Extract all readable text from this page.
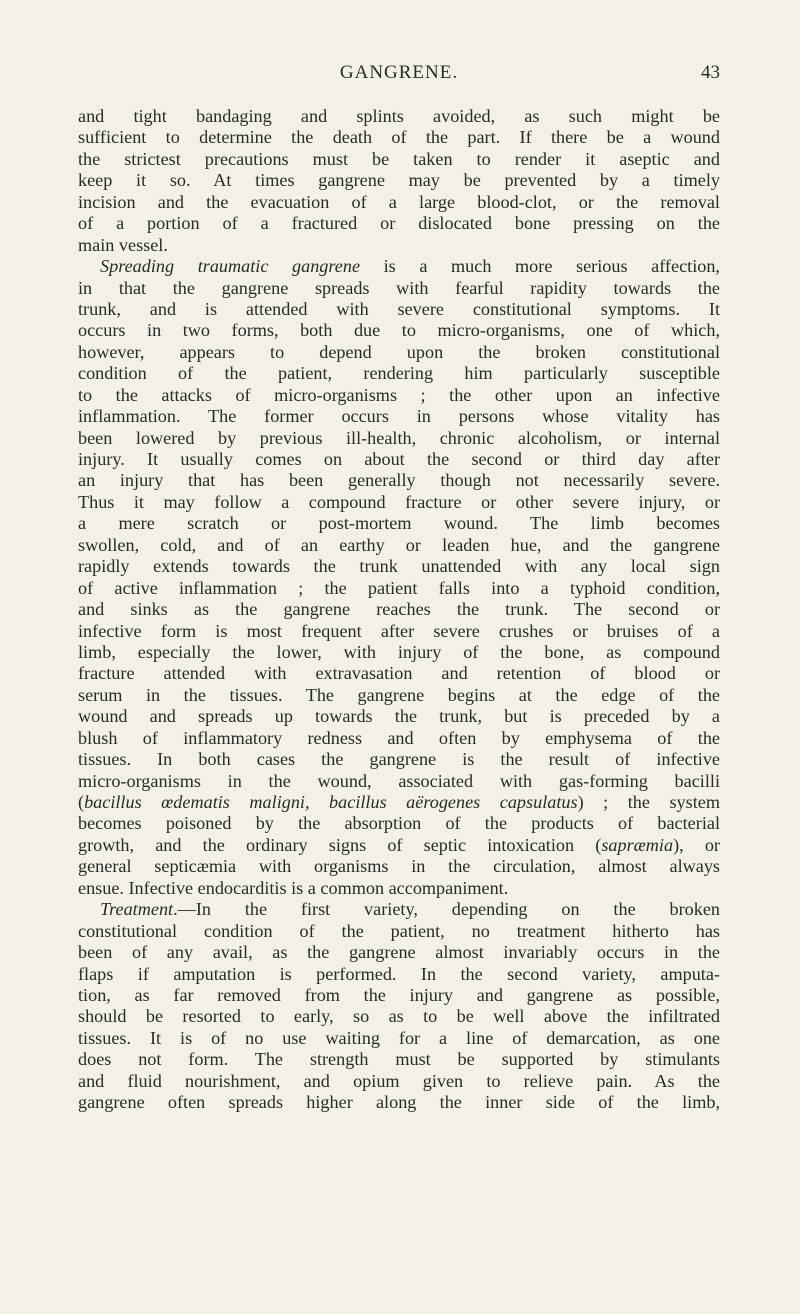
GANGRENE.	43
and tight bandaging and splints avoided, as such might be
sufficient to determine the death of the part. If there be a wound
the strictest precautions must be taken to render it aseptic and
keep it so. At times gangrene may be prevented by a timely
incision and the evacuation of a large blood-clot, or the removal
of a portion of a fractured or dislocated bone pressing on the
main vessel.
Spreading traumatic gangrene is a much more serious affection,
in that the gangrene spreads with fearful rapidity towards the
trunk, and is attended with severe constitutional symptoms. It
occurs in two forms, both due to micro-organisms, one of which,
however, appears to depend upon the broken constitutional
condition of the patient, rendering him particularly susceptible
to the attacks of micro-organisms ; the other upon an infective
inflammation. The former occurs in persons whose vitality has
been lowered by previous ill-health, chronic alcoholism, or internal
injury. It usually comes on about the second or third day after
an injury that has been generally though not necessarily severe.
Thus it may follow a compound fracture or other severe injury, or
a mere scratch or post-mortem wound. The limb becomes
swollen, cold, and of an earthy or leaden hue, and the gangrene
rapidly extends towards the trunk unattended with any local sign
of active inflammation ; the patient falls into a typhoid condition,
and sinks as the gangrene reaches the trunk. The second or
infective form is most frequent after severe crushes or bruises of a
limb, especially the lower, with injury of the bone, as compound
fracture attended with extravasation and retention of blood or
serum in the tissues. The gangrene begins at the edge of the
wound and spreads up towards the trunk, but is preceded by a
blush of inflammatory redness and often by emphysema of the
tissues. In both cases the gangrene is the result of infective
micro-organisms in the wound, associated with gas-forming bacilli
(bacillus œdematis maligni, bacillus aërogenes capsulatus) ; the system
becomes poisoned by the absorption of the products of bacterial
growth, and the ordinary signs of septic intoxication (sapræmia), or
general septicæmia with organisms in the circulation, almost always
ensue. Infective endocarditis is a common accompaniment.
Treatment.—In the first variety, depending on the broken
constitutional condition of the patient, no treatment hitherto has
been of any avail, as the gangrene almost invariably occurs in the
flaps if amputation is performed. In the second variety, amputa-
tion, as far removed from the injury and gangrene as possible,
should be resorted to early, so as to be well above the infiltrated
tissues. It is of no use waiting for a line of demarcation, as one
does not form. The strength must be supported by stimulants
and fluid nourishment, and opium given to relieve pain. As the
gangrene often spreads higher along the inner side of the limb,
